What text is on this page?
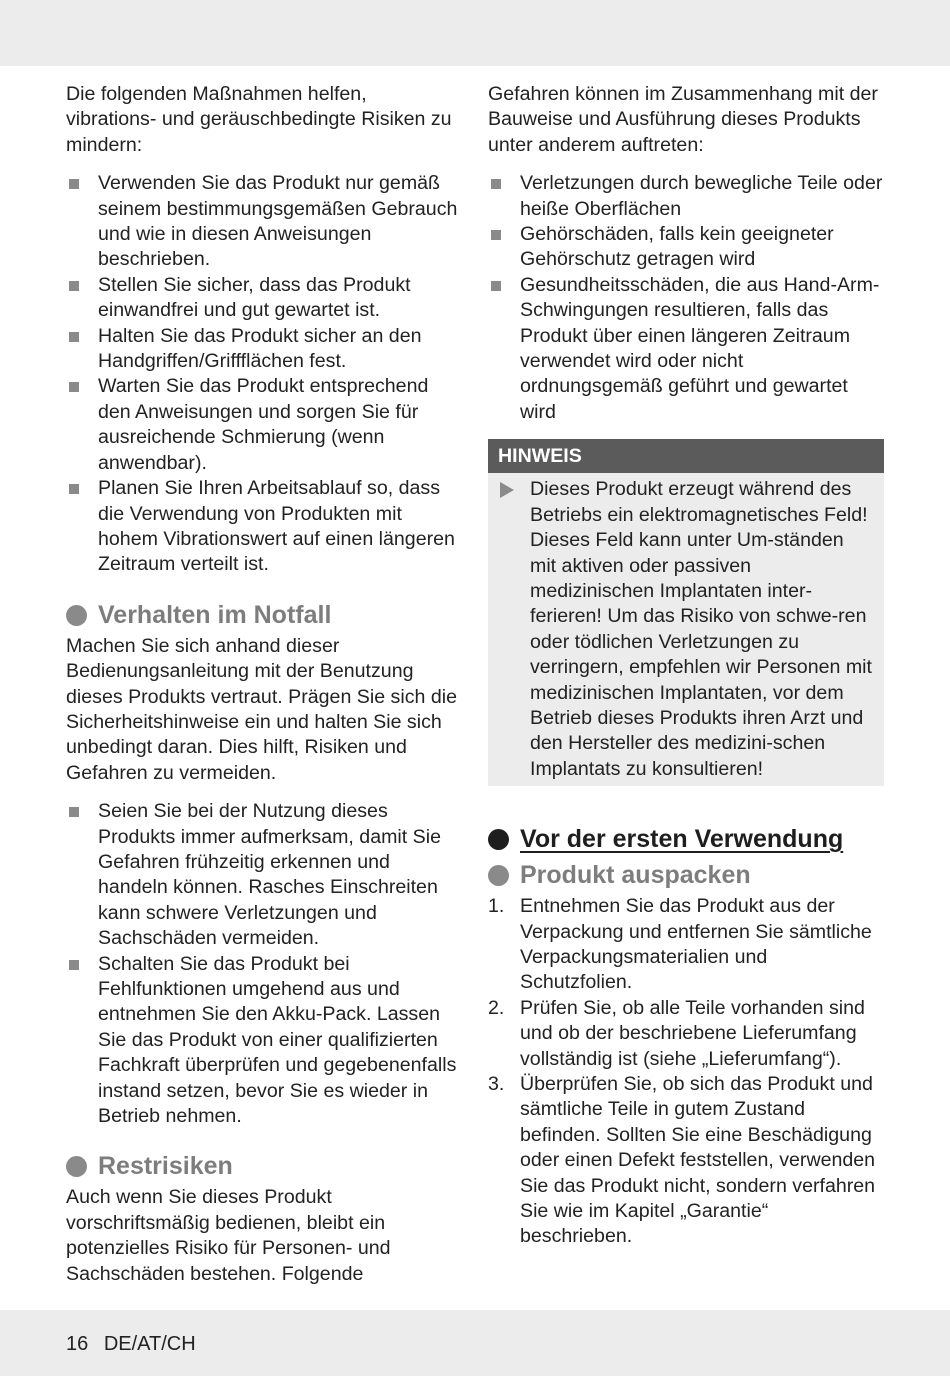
Die folgenden Maßnahmen helfen, vibrations- und geräuschbedingte Risiken zu mindern:

Verwenden Sie das Produkt nur gemäß seinem bestimmungsgemäßen Gebrauch und wie in diesen Anweisungen beschrieben.
Stellen Sie sicher, dass das Produkt einwandfrei und gut gewartet ist.
Halten Sie das Produkt sicher an den Handgriffen/Griffflächen fest.
Warten Sie das Produkt entsprechend den Anweisungen und sorgen Sie für ausreichende Schmierung (wenn anwendbar).
Planen Sie Ihren Arbeitsablauf so, dass die Verwendung von Produkten mit hohem Vibrationswert auf einen längeren Zeitraum verteilt ist.
Verhalten im Notfall

Machen Sie sich anhand dieser Bedienungsanleitung mit der Benutzung dieses Produkts vertraut. Prägen Sie sich die Sicherheitshinweise ein und halten Sie sich unbedingt daran. Dies hilft, Risiken und Gefahren zu vermeiden.

Seien Sie bei der Nutzung dieses Produkts immer aufmerksam, damit Sie Gefahren frühzeitig erkennen und handeln können. Rasches Einschreiten kann schwere Verletzungen und Sachschäden vermeiden.
Schalten Sie das Produkt bei Fehlfunktionen umgehend aus und entnehmen Sie den Akku-Pack. Lassen Sie das Produkt von einer qualifizierten Fachkraft überprüfen und gegebenenfalls instand setzen, bevor Sie es wieder in Betrieb nehmen.
Restrisiken

Auch wenn Sie dieses Produkt vorschriftsmäßig bedienen, bleibt ein potenzielles Risiko für Personen- und Sachschäden bestehen. Folgende

Gefahren können im Zusammenhang mit der Bauweise und Ausführung dieses Produkts unter anderem auftreten:

Verletzungen durch bewegliche Teile oder heiße Oberflächen
Gehörschäden, falls kein geeigneter Gehörschutz getragen wird
Gesundheitsschäden, die aus Hand-Arm-Schwingungen resultieren, falls das Produkt über einen längeren Zeitraum verwendet wird oder nicht ordnungsgemäß geführt und gewartet wird
HINWEIS

Dieses Produkt erzeugt während des Betriebs ein elektromagnetisches Feld! Dieses Feld kann unter Um-ständen mit aktiven oder passiven medizinischen Implantaten inter-ferieren! Um das Risiko von schwe-ren oder tödlichen Verletzungen zu verringern, empfehlen wir Personen mit medizinischen Implantaten, vor dem Betrieb dieses Produkts ihren Arzt und den Hersteller des medizini-schen Implantats zu konsultieren!

Vor der ersten Verwendung
Produkt auspacken
1. Entnehmen Sie das Produkt aus der Verpackung und entfernen Sie sämtliche Verpackungsmaterialien und Schutzfolien.
2. Prüfen Sie, ob alle Teile vorhanden sind und ob der beschriebene Lieferumfang vollständig ist (siehe „Lieferumfang“).
3. Überprüfen Sie, ob sich das Produkt und sämtliche Teile in gutem Zustand befinden. Sollten Sie eine Beschädigung oder einen Defekt feststellen, verwenden Sie das Produkt nicht, sondern verfahren Sie wie im Kapitel „Garantie“ beschrieben.
16 DE/AT/CH
